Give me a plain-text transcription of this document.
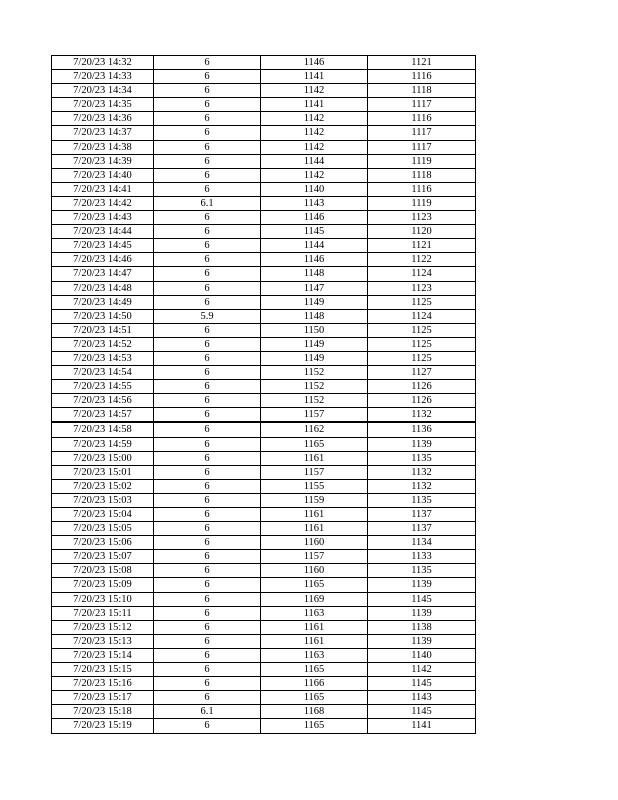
7/20/23 14:32	6	1146	1121
7/20/23 14:33	6	1141	1116
7/20/23 14:34	6	1142	1118
7/20/23 14:35	6	1141	1117
7/20/23 14:36	6	1142	1116
7/20/23 14:37	6	1142	1117
7/20/23 14:38	6	1142	1117
7/20/23 14:39	6	1144	1119
7/20/23 14:40	6	1142	1118
7/20/23 14:41	6	1140	1116
7/20/23 14:42	6.1	1143	1119
7/20/23 14:43	6	1146	1123
7/20/23 14:44	6	1145	1120
7/20/23 14:45	6	1144	1121
7/20/23 14:46	6	1146	1122
7/20/23 14:47	6	1148	1124
7/20/23 14:48	6	1147	1123
7/20/23 14:49	6	1149	1125
7/20/23 14:50	5.9	1148	1124
7/20/23 14:51	6	1150	1125
7/20/23 14:52	6	1149	1125
7/20/23 14:53	6	1149	1125
7/20/23 14:54	6	1152	1127
7/20/23 14:55	6	1152	1126
7/20/23 14:56	6	1152	1126
7/20/23 14:57	6	1157	1132
7/20/23 14:58	6	1162	1136
7/20/23 14:59	6	1165	1139
7/20/23 15:00	6	1161	1135
7/20/23 15:01	6	1157	1132
7/20/23 15:02	6	1155	1132
7/20/23 15:03	6	1159	1135
7/20/23 15:04	6	1161	1137
7/20/23 15:05	6	1161	1137
7/20/23 15:06	6	1160	1134
7/20/23 15:07	6	1157	1133
7/20/23 15:08	6	1160	1135
7/20/23 15:09	6	1165	1139
7/20/23 15:10	6	1169	1145
7/20/23 15:11	6	1163	1139
7/20/23 15:12	6	1161	1138
7/20/23 15:13	6	1161	1139
7/20/23 15:14	6	1163	1140
7/20/23 15:15	6	1165	1142
7/20/23 15:16	6	1166	1145
7/20/23 15:17	6	1165	1143
7/20/23 15:18	6.1	1168	1145
7/20/23 15:19	6	1165	1141
